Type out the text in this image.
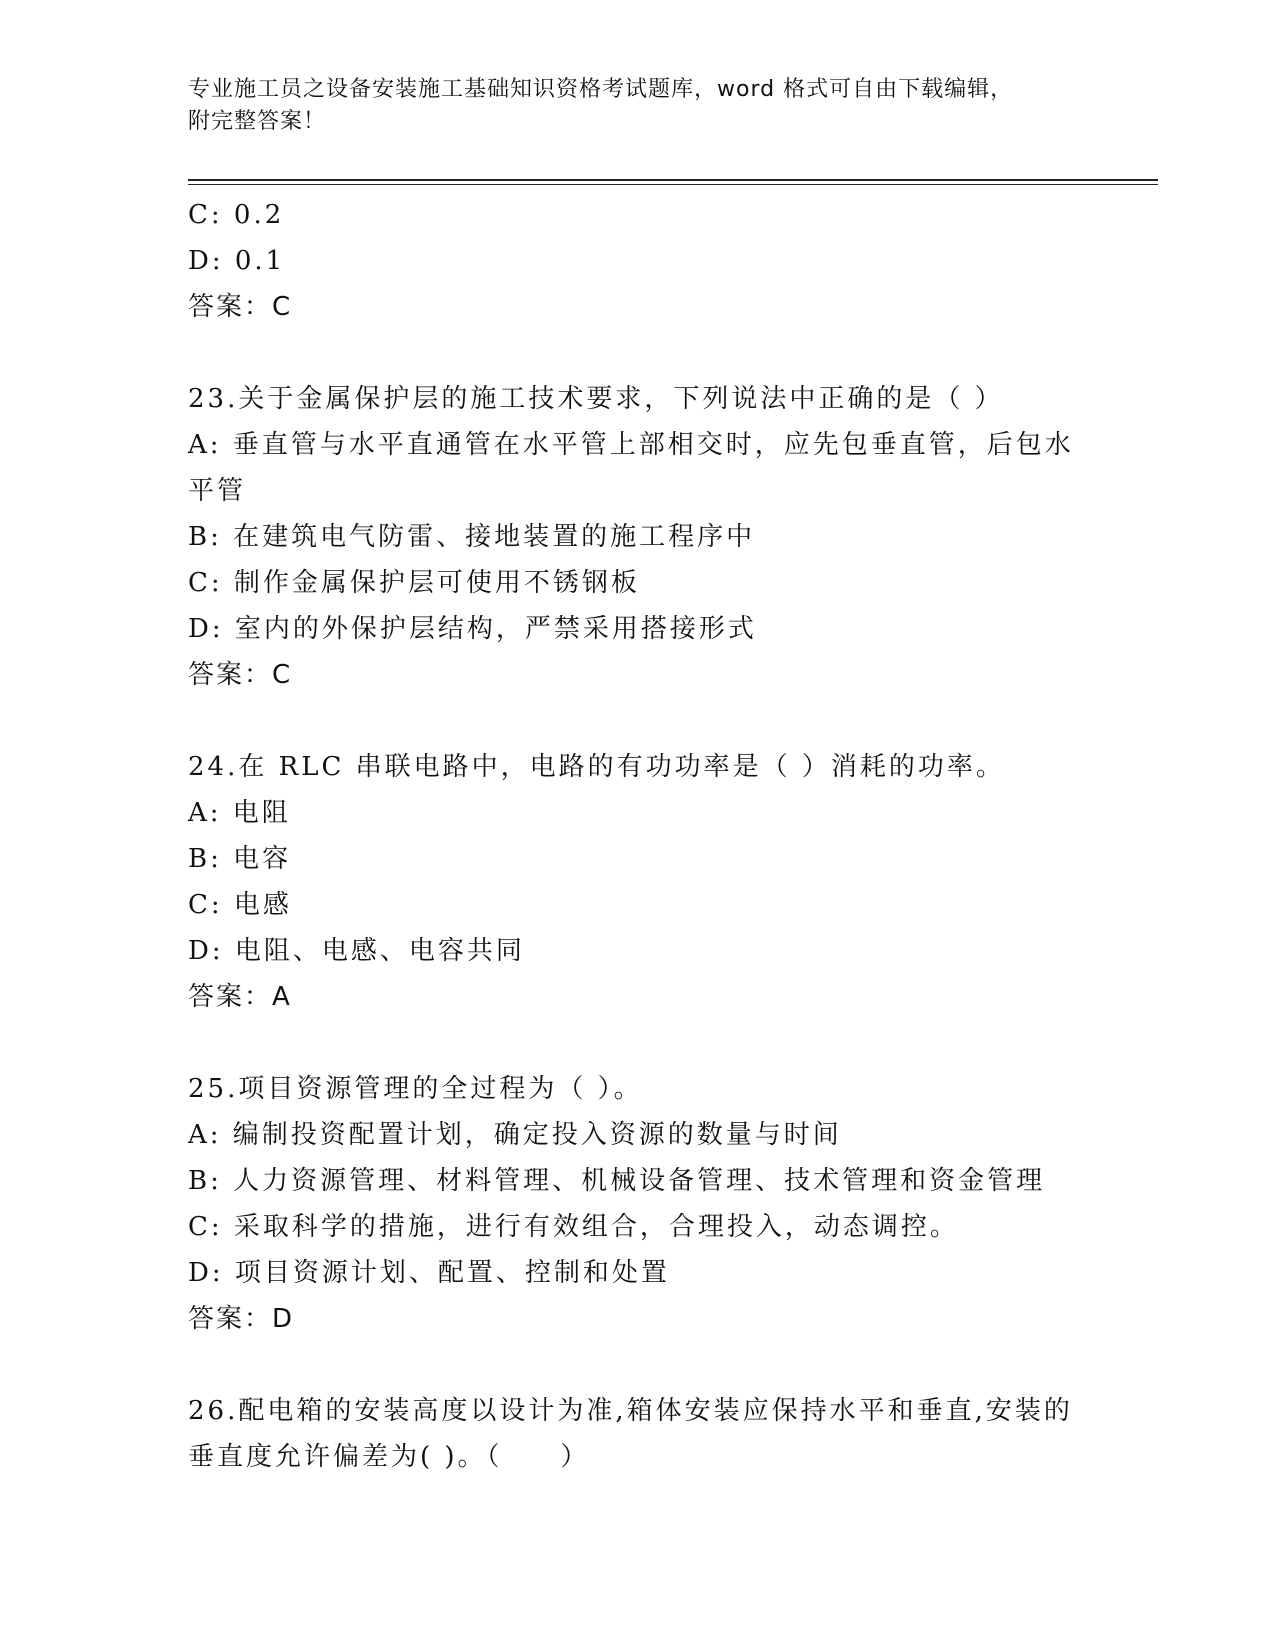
专业施工员之设备安装施工基础知识资格考试题库，word 格式可自由下载编辑，
附完整答案！
C: 0.2
D: 0.1
答案：C
23.关于金属保护层的施工技术要求，下列说法中正确的是（ ）
A: 垂直管与水平直通管在水平管上部相交时，应先包垂直管，后包水
平管
B: 在建筑电气防雷、接地装置的施工程序中
C: 制作金属保护层可使用不锈钢板
D: 室内的外保护层结构，严禁采用搭接形式
答案：C
24.在 RLC 串联电路中，电路的有功功率是（ ）消耗的功率。
A: 电阻
B: 电容
C: 电感
D: 电阻、电感、电容共同
答案：A
25.项目资源管理的全过程为（ ）。
A: 编制投资配置计划，确定投入资源的数量与时间
B: 人力资源管理、材料管理、机械设备管理、技术管理和资金管理
C: 采取科学的措施，进行有效组合，合理投入，动态调控。
D: 项目资源计划、配置、控制和处置
答案：D
26.配电箱的安装高度以设计为准,箱体安装应保持水平和垂直,安装的
垂直度允许偏差为( )。（　　）
